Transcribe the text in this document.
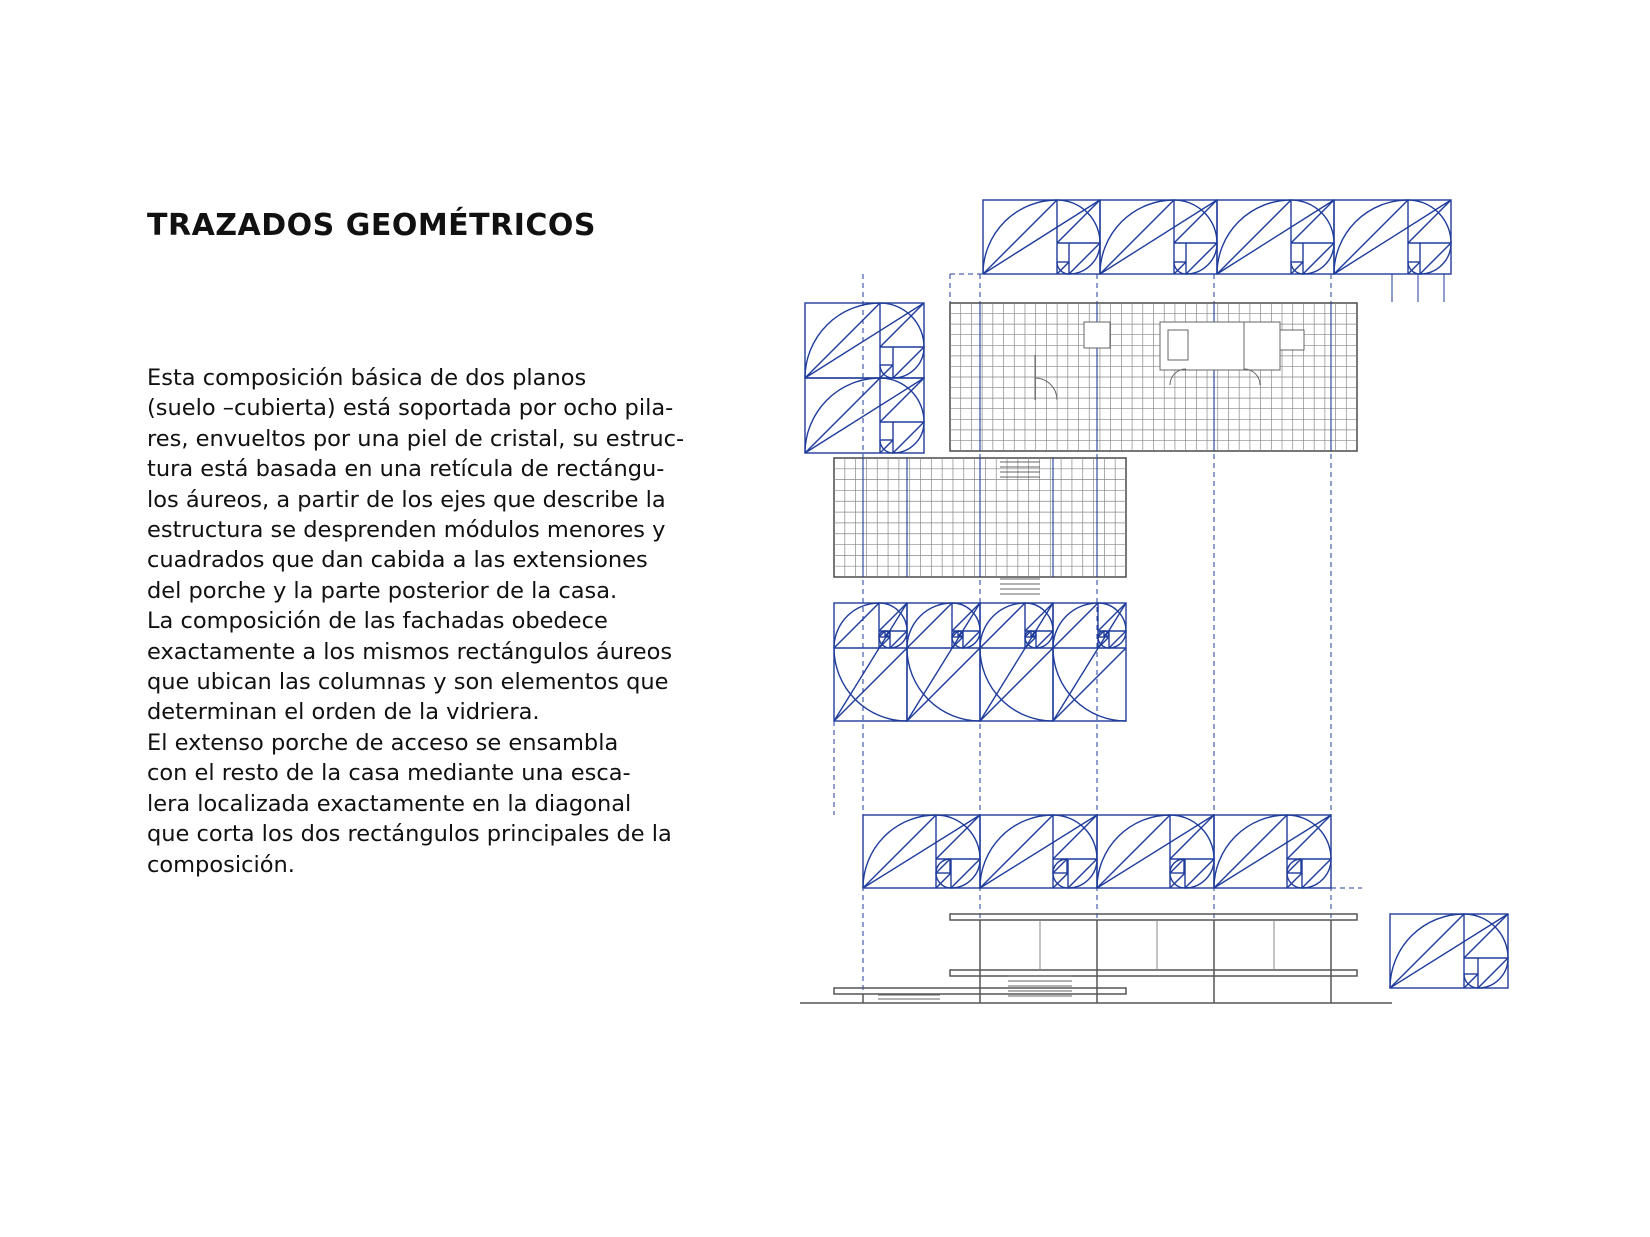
TRAZADOS GEOMÉTRICOS
Esta composición básica de dos planos
(suelo –cubierta) está soportada por ocho pila-
res, envueltos por una piel de cristal, su estruc-
tura está basada en una retícula de rectángu-
los áureos, a partir de los ejes que describe la
estructura se desprenden módulos menores y
cuadrados que dan cabida a las extensiones
del porche y la parte posterior de la casa.
La composición de las fachadas obedece
exactamente a los mismos rectángulos áureos
que ubican las columnas y son elementos que
determinan el orden de la vidriera.
El extenso porche de acceso se ensambla
con el resto de la casa mediante una esca-
lera localizada exactamente en la diagonal
que corta los dos rectángulos principales de la
composición.
